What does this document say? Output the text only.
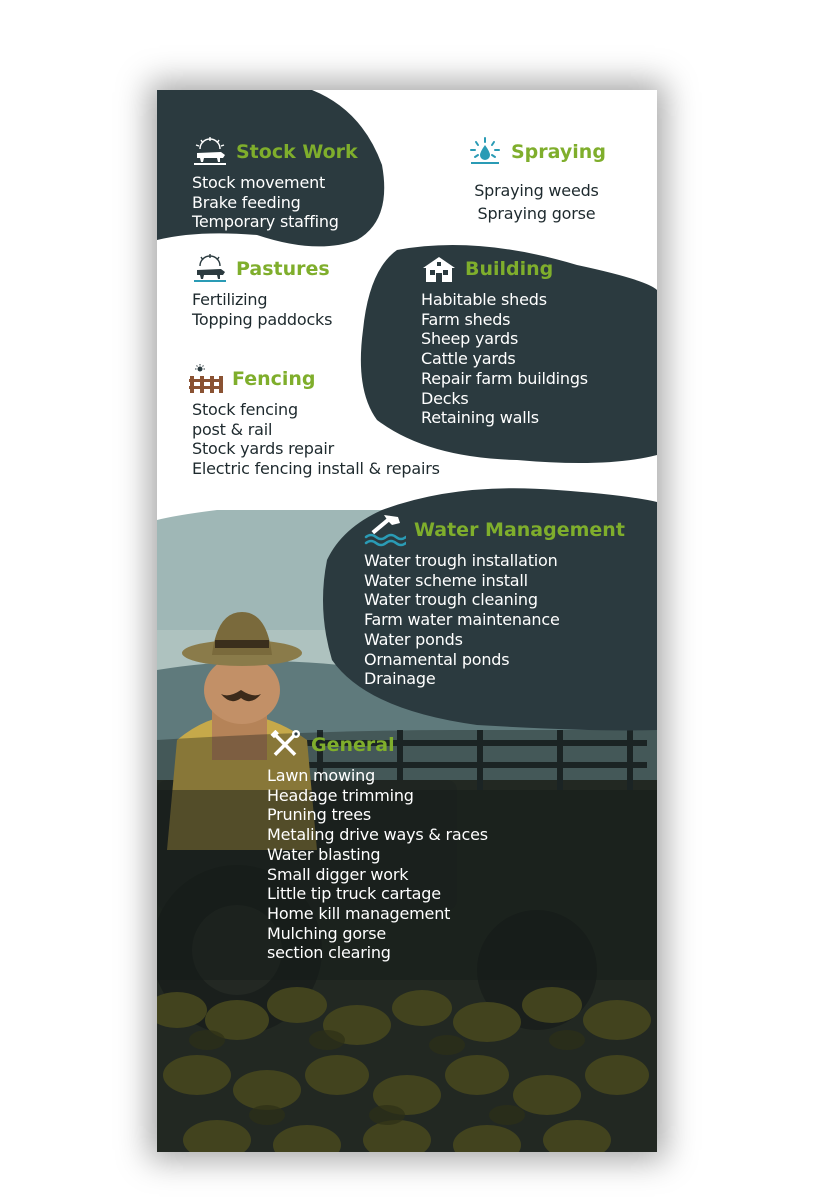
Stock Work
Stock movement
Brake feeding
Temporary staffing
Spraying
Spraying weeds
Spraying gorse
Pastures
Fertilizing
Topping paddocks
Building
Habitable sheds
Farm sheds
Sheep yards
Cattle yards
Repair farm buildings
Decks
Retaining walls
Fencing
Stock fencing
post & rail
Stock yards repair
Electric fencing install & repairs
Water Management
Water trough installation
Water scheme install
Water trough cleaning
Farm water maintenance
Water ponds
Ornamental ponds
Drainage
General
Lawn mowing
Headage trimming
Pruning trees
Metaling drive ways & races
Water blasting
Small digger work
Little tip truck cartage
Home kill management
Mulching gorse
section clearing
